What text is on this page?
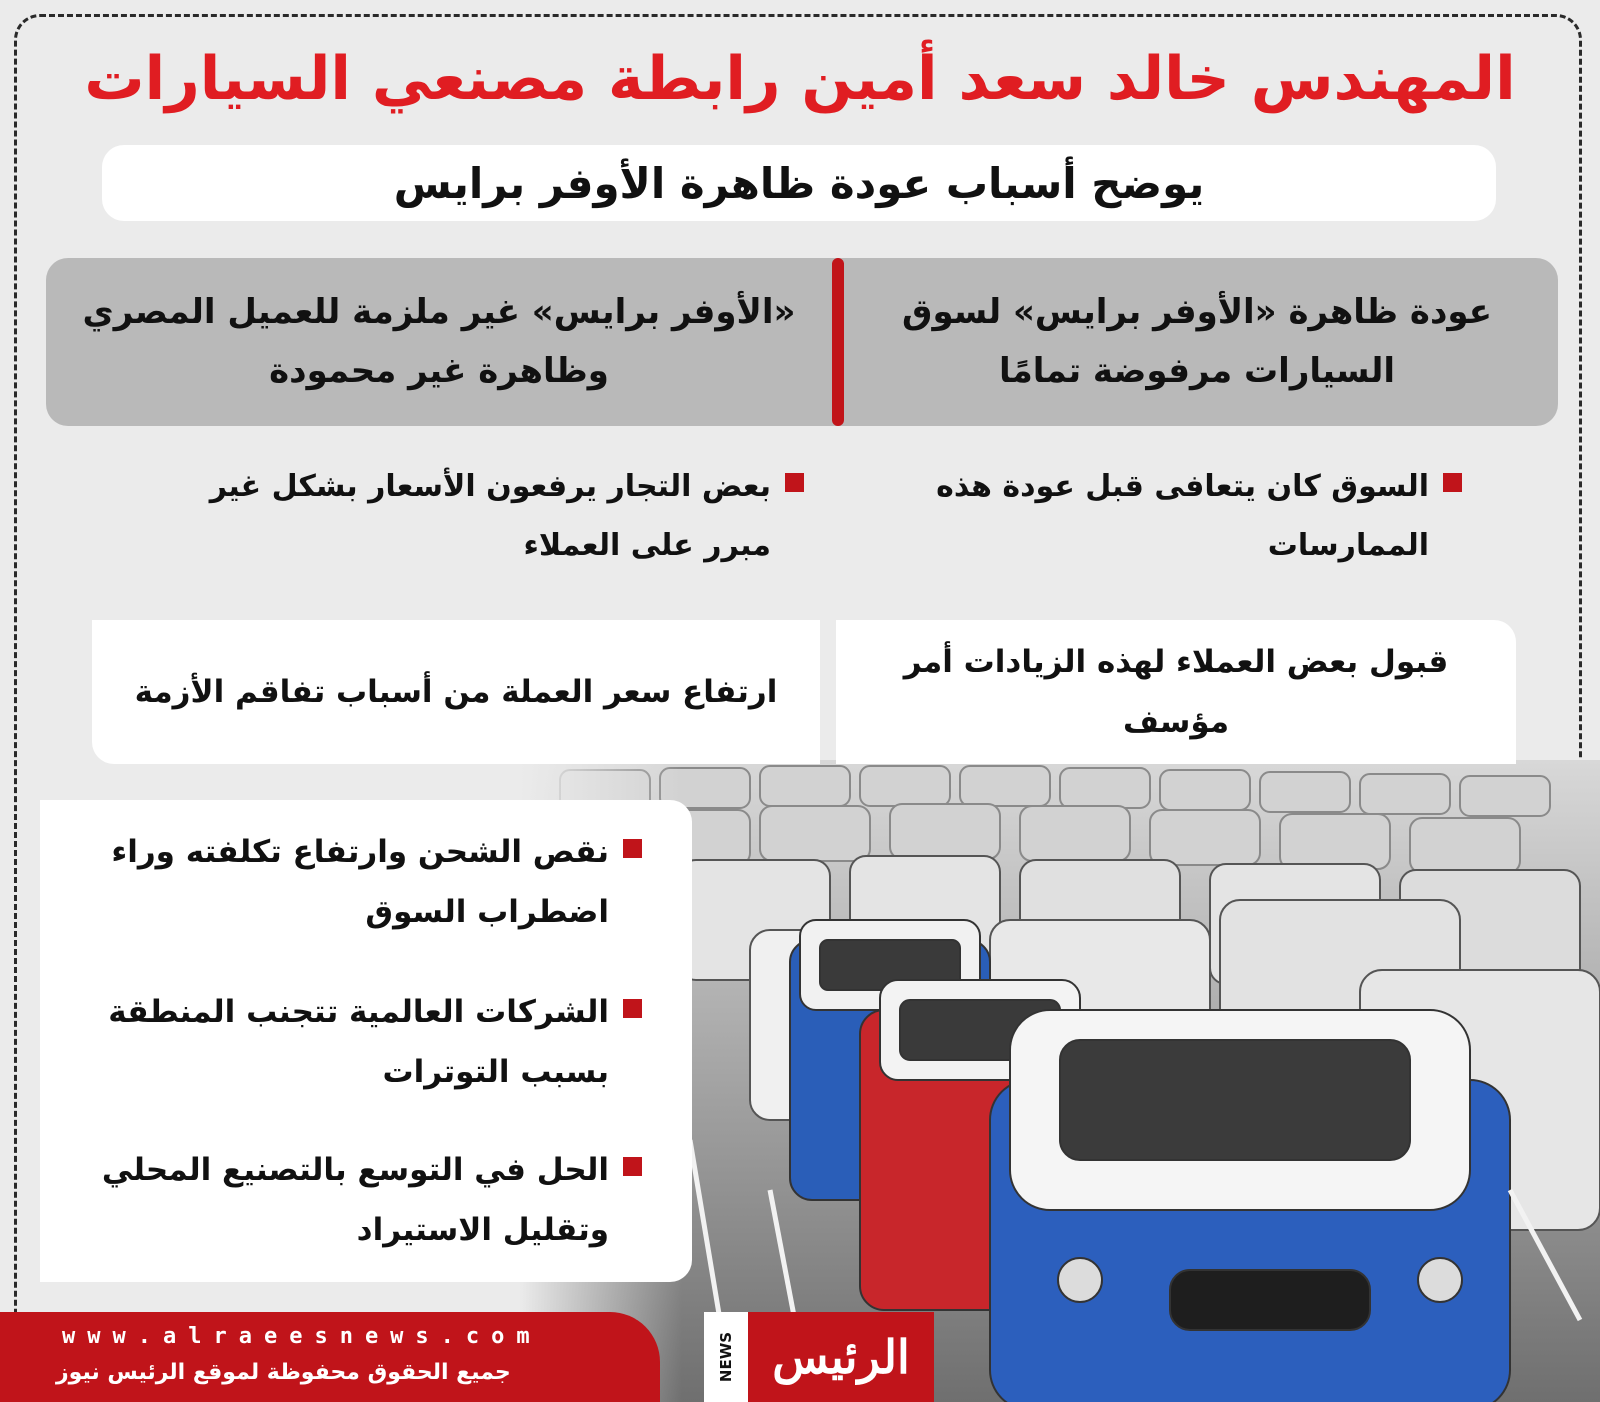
المهندس خالد سعد أمين رابطة مصنعي السيارات
يوضح أسباب عودة ظاهرة الأوفر برايس
عودة ظاهرة «الأوفر برايس» لسوق
السيارات مرفوضة تمامًا
«الأوفر برايس» غير ملزمة للعميل المصري
وظاهرة غير محمودة
السوق كان يتعافى قبل عودة هذه
الممارسات
بعض التجار يرفعون الأسعار بشكل غير
مبرر على العملاء
قبول بعض العملاء لهذه الزيادات أمر
مؤسف
ارتفاع سعر العملة من أسباب تفاقم الأزمة
نقص الشحن وارتفاع تكلفته وراء
اضطراب السوق
الشركات العالمية تتجنب المنطقة
بسبب التوترات
الحل في التوسع بالتصنيع المحلي
وتقليل الاستيراد
www.alraeesnews.com
جميع الحقوق محفوظة لموقع الرئيس نيوز	NEWS الرئيس
